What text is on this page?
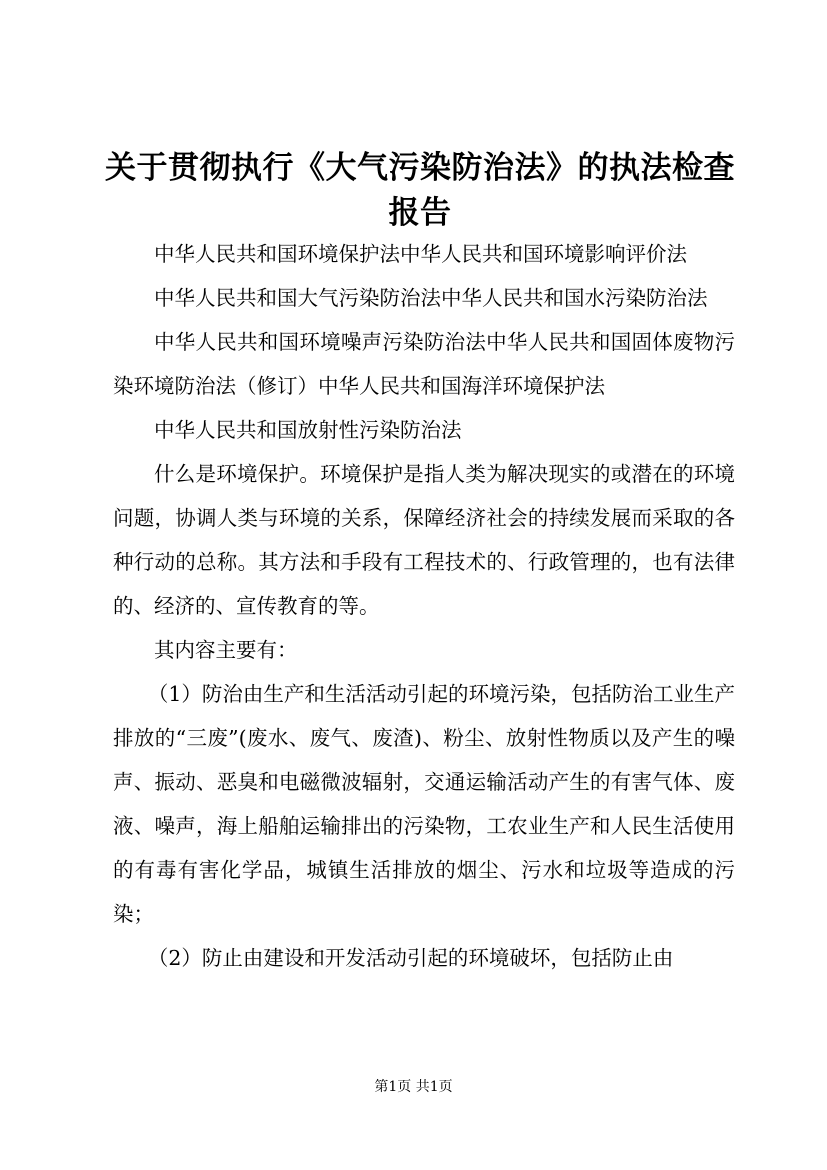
关于贯彻执行《大气污染防治法》的执法检查报告

中华人民共和国环境保护法中华人民共和国环境影响评价法

中华人民共和国大气污染防治法中华人民共和国水污染防治法

中华人民共和国环境噪声污染防治法中华人民共和国固体废物污染环境防治法（修订）中华人民共和国海洋环境保护法

中华人民共和国放射性污染防治法

什么是环境保护。环境保护是指人类为解决现实的或潜在的环境问题，协调人类与环境的关系，保障经济社会的持续发展而采取的各种行动的总称。其方法和手段有工程技术的、行政管理的，也有法律的、经济的、宣传教育的等。

其内容主要有：

（1）防治由生产和生活活动引起的环境污染，包括防治工业生产排放的“三废”(废水、废气、废渣)、粉尘、放射性物质以及产生的噪声、振动、恶臭和电磁微波辐射，交通运输活动产生的有害气体、废液、噪声，海上船舶运输排出的污染物，工农业生产和人民生活使用的有毒有害化学品，城镇生活排放的烟尘、污水和垃圾等造成的污染；

（2）防止由建设和开发活动引起的环境破坏，包括防止由

第1页 共1页
